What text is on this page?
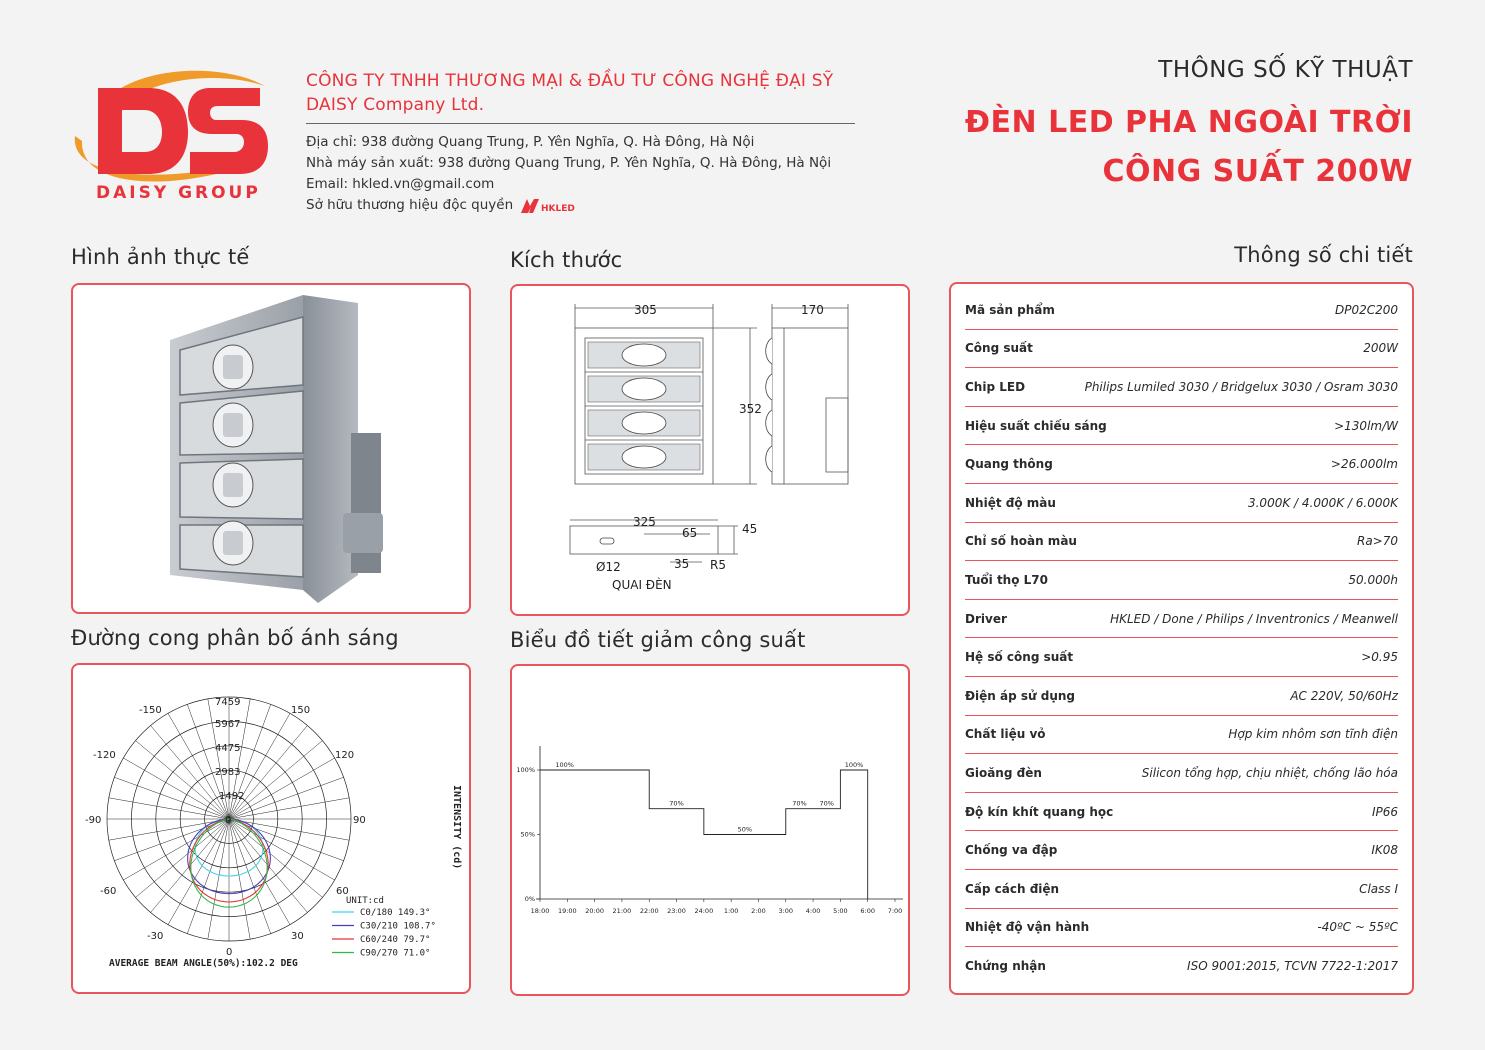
DAISY GROUP
CÔNG TY TNHH THƯƠNG MẠI & ĐẦU TƯ CÔNG NGHỆ ĐẠI SỸ
DAISY Company Ltd.
Địa chỉ: 938 đường Quang Trung, P. Yên Nghĩa, Q. Hà Đông, Hà Nội
Nhà máy sản xuất: 938 đường Quang Trung, P. Yên Nghĩa, Q. Hà Đông, Hà Nội
Email: hkled.vn@gmail.com
Sở hữu thương hiệu độc quyền	HKLED
THÔNG SỐ KỸ THUẬT
ĐÈN LED PHA NGOÀI TRỜI
CÔNG SUẤT 200W
Hình ảnh thực tế	Kích thước	Thông số chi tiết
Đường cong phân bố ánh sáng	Biểu đồ tiết giảm công suất
305	170
352
325
65	45
35
Ø12	R5
QUAI ĐÈN
Mã sản phẩm	DP02C200
Công suất	200W
Chip LED	Philips Lumiled 3030 / Bridgelux 3030 / Osram 3030
Hiệu suất chiếu sáng	>130lm/W
Quang thông	>26.000lm
Nhiệt độ màu	3.000K / 4.000K / 6.000K
Chỉ số hoàn màu	Ra>70
Tuổi thọ L70	50.000h
Driver	HKLED / Done / Philips / Inventronics / Meanwell
Hệ số công suất	>0.95
Điện áp sử dụng	AC 220V, 50/60Hz
Chất liệu vỏ	Hợp kim nhôm sơn tĩnh điện
Gioăng đèn	Silicon tổng hợp, chịu nhiệt, chống lão hóa
Độ kín khít quang học	IP66
Chống va đập	IK08
Cấp cách điện	Class I
Nhiệt độ vận hành	-40ºC ~ 55ºC
Chứng nhận	ISO 9001:2015, TCVN 7722-1:2017
7459
5967
4475
2983
1492
0
-150	150
-120	120
-90	90
-60	60
-30	30
0
INTENSITY (cd)
UNIT:cd
C0/180 149.3°
C30/210 108.7°
C60/240 79.7°
C90/270 71.0°
AVERAGE BEAM ANGLE(50%):102.2 DEG
0%
50%
100%
18:00 19:00 20:00 21:00 22:00 23:00 24:00 1:00 2:00 3:00 4:00 5:00 6:00 7:00
100%
70%
50%
70% 70%
100%
